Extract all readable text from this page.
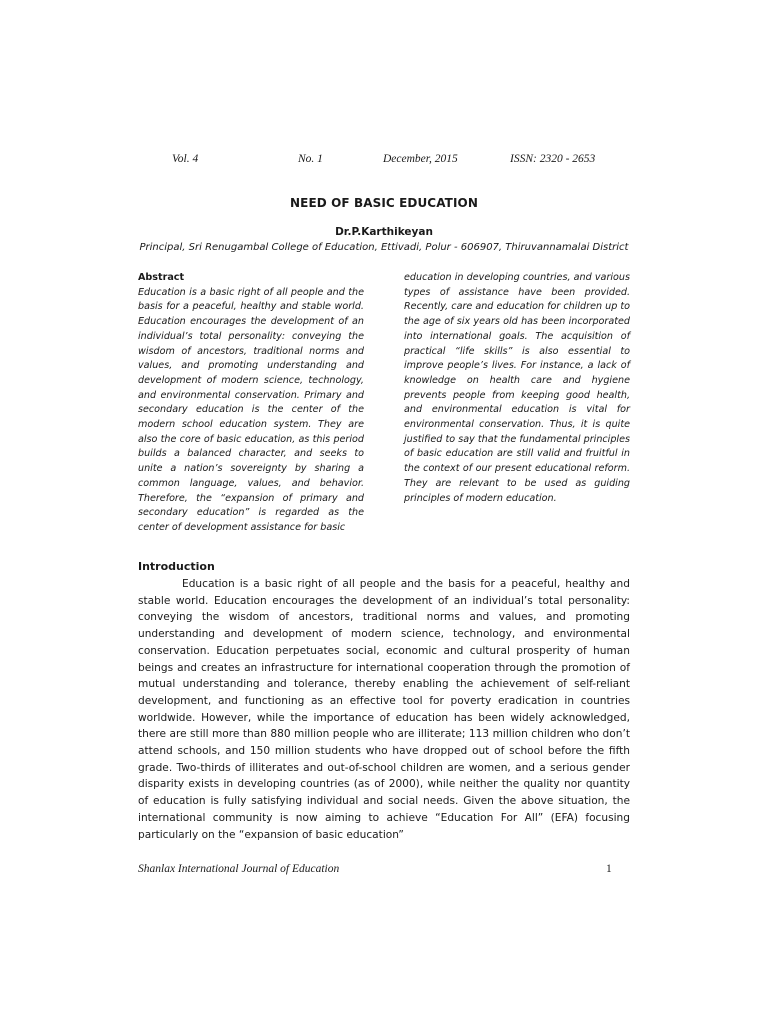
Vol. 4	No. 1	December, 2015	ISSN: 2320 - 2653
NEED OF BASIC EDUCATION
Dr.P.Karthikeyan
Principal, Sri Renugambal College of Education, Ettivadi, Polur - 606907, Thiruvannamalai District
Abstract
Education is a basic right of all people and the basis for a peaceful, healthy and stable world. Education encourages the development of an individual’s total personality: conveying the wisdom of ancestors, traditional norms and values, and promoting understanding and development of modern science, technology, and environmental conservation. Primary and secondary education is the center of the modern school education system. They are also the core of basic education, as this period builds a balanced character, and seeks to unite a nation’s sovereignty by sharing a common language, values, and behavior. Therefore, the “expansion of primary and secondary education” is regarded as the center of development assistance for basic
education in developing countries, and various types of assistance have been provided. Recently, care and education for children up to the age of six years old has been incorporated into international goals. The acquisition of practical “life skills” is also essential to improve people’s lives. For instance, a lack of knowledge on health care and hygiene prevents people from keeping good health, and environmental education is vital for environmental conservation. Thus, it is quite justified to say that the fundamental principles of basic education are still valid and fruitful in the context of our present educational reform. They are relevant to be used as guiding principles of modern education.
Introduction
Education is a basic right of all people and the basis for a peaceful, healthy and stable world. Education encourages the development of an individual’s total personality: conveying the wisdom of ancestors, traditional norms and values, and promoting understanding and development of modern science, technology, and environmental conservation. Education perpetuates social, economic and cultural prosperity of human beings and creates an infrastructure for international cooperation through the promotion of mutual understanding and tolerance, thereby enabling the achievement of self-reliant development, and functioning as an effective tool for poverty eradication in countries worldwide. However, while the importance of education has been widely acknowledged, there are still more than 880 million people who are illiterate; 113 million children who don’t attend schools, and 150 million students who have dropped out of school before the fifth grade. Two-thirds of illiterates and out-of-school children are women, and a serious gender disparity exists in developing countries (as of 2000), while neither the quality nor quantity of education is fully satisfying individual and social needs. Given the above situation, the international community is now aiming to achieve “Education For All” (EFA) focusing particularly on the “expansion of basic education”
Shanlax International Journal of Education	1
